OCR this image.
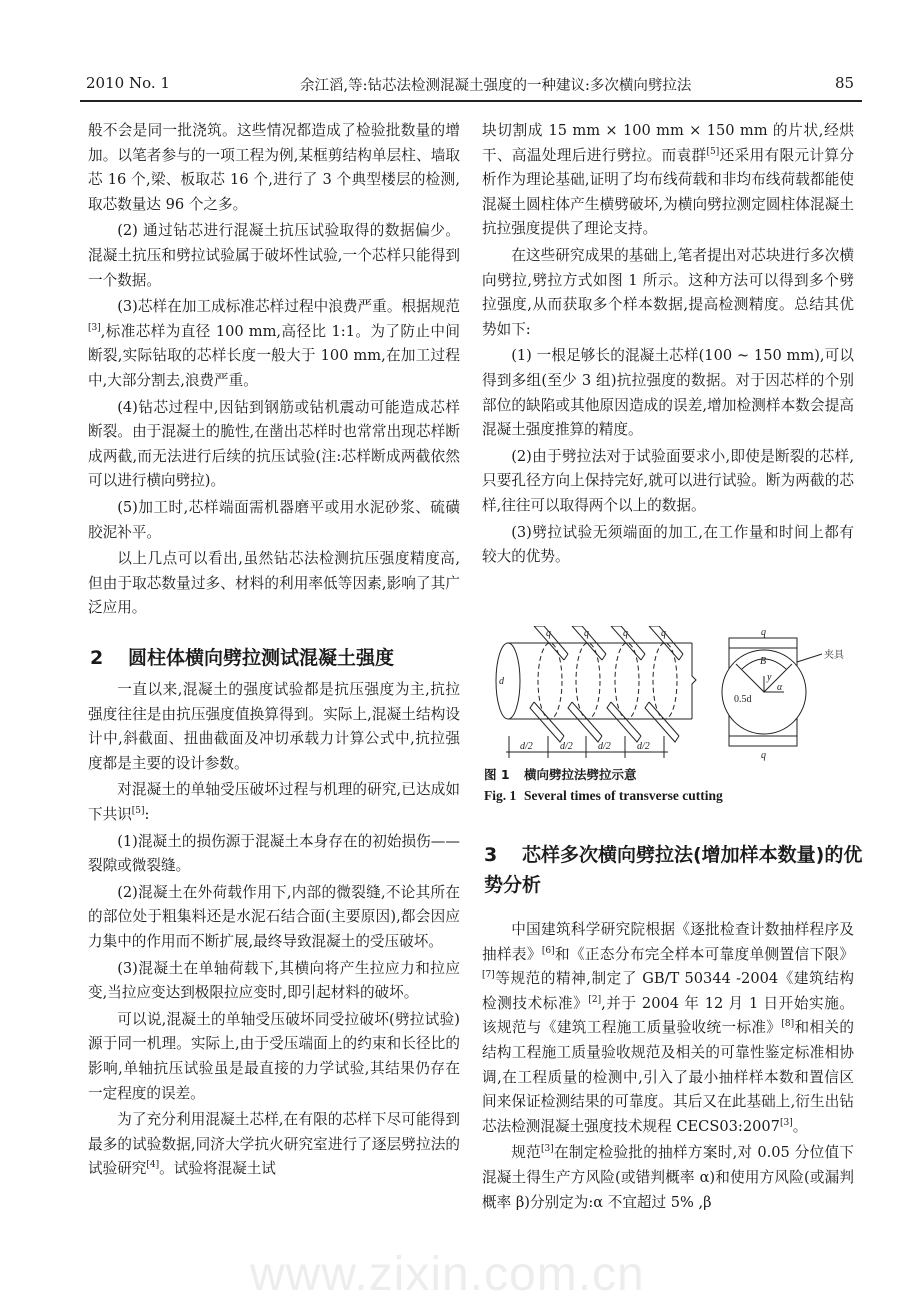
2010 No. 1	余江滔,等:钻芯法检测混凝土强度的一种建议:多次横向劈拉法	85

般不会是同一批浇筑。这些情况都造成了检验批数量的增加。以笔者参与的一项工程为例,某框剪结构单层柱、墙取芯 16 个,梁、板取芯 16 个,进行了 3 个典型楼层的检测,取芯数量达 96 个之多。

(2) 通过钻芯进行混凝土抗压试验取得的数据偏少。混凝土抗压和劈拉试验属于破坏性试验,一个芯样只能得到一个数据。

(3)芯样在加工成标准芯样过程中浪费严重。根据规范[3],标准芯样为直径 100 mm,高径比 1:1。为了防止中间断裂,实际钻取的芯样长度一般大于 100 mm,在加工过程中,大部分割去,浪费严重。

(4)钻芯过程中,因钻到钢筋或钻机震动可能造成芯样断裂。由于混凝土的脆性,在凿出芯样时也常常出现芯样断成两截,而无法进行后续的抗压试验(注:芯样断成两截依然可以进行横向劈拉)。

(5)加工时,芯样端面需机器磨平或用水泥砂浆、硫磺胶泥补平。

以上几点可以看出,虽然钻芯法检测抗压强度精度高,但由于取芯数量过多、材料的利用率低等因素,影响了其广泛应用。

2 圆柱体横向劈拉测试混凝土强度

一直以来,混凝土的强度试验都是抗压强度为主,抗拉强度往往是由抗压强度值换算得到。实际上,混凝土结构设计中,斜截面、扭曲截面及冲切承载力计算公式中,抗拉强度都是主要的设计参数。

对混凝土的单轴受压破坏过程与机理的研究,已达成如下共识[5]:

(1)混凝土的损伤源于混凝土本身存在的初始损伤——裂隙或微裂缝。

(2)混凝土在外荷载作用下,内部的微裂缝,不论其所在的部位处于粗集料还是水泥石结合面(主要原因),都会因应力集中的作用而不断扩展,最终导致混凝土的受压破坏。

(3)混凝土在单轴荷载下,其横向将产生拉应力和拉应变,当拉应变达到极限拉应变时,即引起材料的破坏。

可以说,混凝土的单轴受压破坏同受拉破坏(劈拉试验)源于同一机理。实际上,由于受压端面上的约束和长径比的影响,单轴抗压试验虽是最直接的力学试验,其结果仍存在一定程度的误差。

为了充分利用混凝土芯样,在有限的芯样下尽可能得到最多的试验数据,同济大学抗火研究室进行了逐层劈拉法的试验研究[4]。试验将混凝土试

块切割成 15 mm × 100 mm × 150 mm 的片状,经烘干、高温处理后进行劈拉。而袁群[5]还采用有限元计算分析作为理论基础,证明了均布线荷载和非均布线荷载都能使混凝土圆柱体产生横劈破坏,为横向劈拉测定圆柱体混凝土抗拉强度提供了理论支持。

在这些研究成果的基础上,笔者提出对芯块进行多次横向劈拉,劈拉方式如图 1 所示。这种方法可以得到多个劈拉强度,从而获取多个样本数据,提高检测精度。总结其优势如下:

(1) 一根足够长的混凝土芯样(100 ~ 150 mm),可以得到多组(至少 3 组)抗拉强度的数据。对于因芯样的个别部位的缺陷或其他原因造成的误差,增加检测样本数会提高混凝土强度推算的精度。

(2)由于劈拉法对于试验面要求小,即使是断裂的芯样,只要孔径方向上保持完好,就可以进行试验。断为两截的芯样,往往可以取得两个以上的数据。

(3)劈拉试验无须端面的加工,在工作量和时间上都有较大的优势。

q	q	q	q
d
d/2	d/2	d/2	d/2
q
q
夹具
B
y
α
0.5d
图 1 横向劈拉法劈拉示意
Fig. 1 Several times of transverse cutting
3 芯样多次横向劈拉法(增加样本数量)的优势分析

中国建筑科学研究院根据《逐批检查计数抽样程序及抽样表》[6]和《正态分布完全样本可靠度单侧置信下限》[7]等规范的精神,制定了 GB/T 50344 -2004《建筑结构检测技术标准》[2],并于 2004 年 12 月 1 日开始实施。该规范与《建筑工程施工质量验收统一标准》[8]和相关的结构工程施工质量验收规范及相关的可靠性鉴定标准相协调,在工程质量的检测中,引入了最小抽样样本数和置信区间来保证检测结果的可靠度。其后又在此基础上,衍生出钻芯法检测混凝土强度技术规程 CECS03:2007[3]。

规范[3]在制定检验批的抽样方案时,对 0.05 分位值下混凝土得生产方风险(或错判概率 α)和使用方风险(或漏判概率 β)分别定为:α 不宜超过 5% ,β

www.zixin.com.cn
